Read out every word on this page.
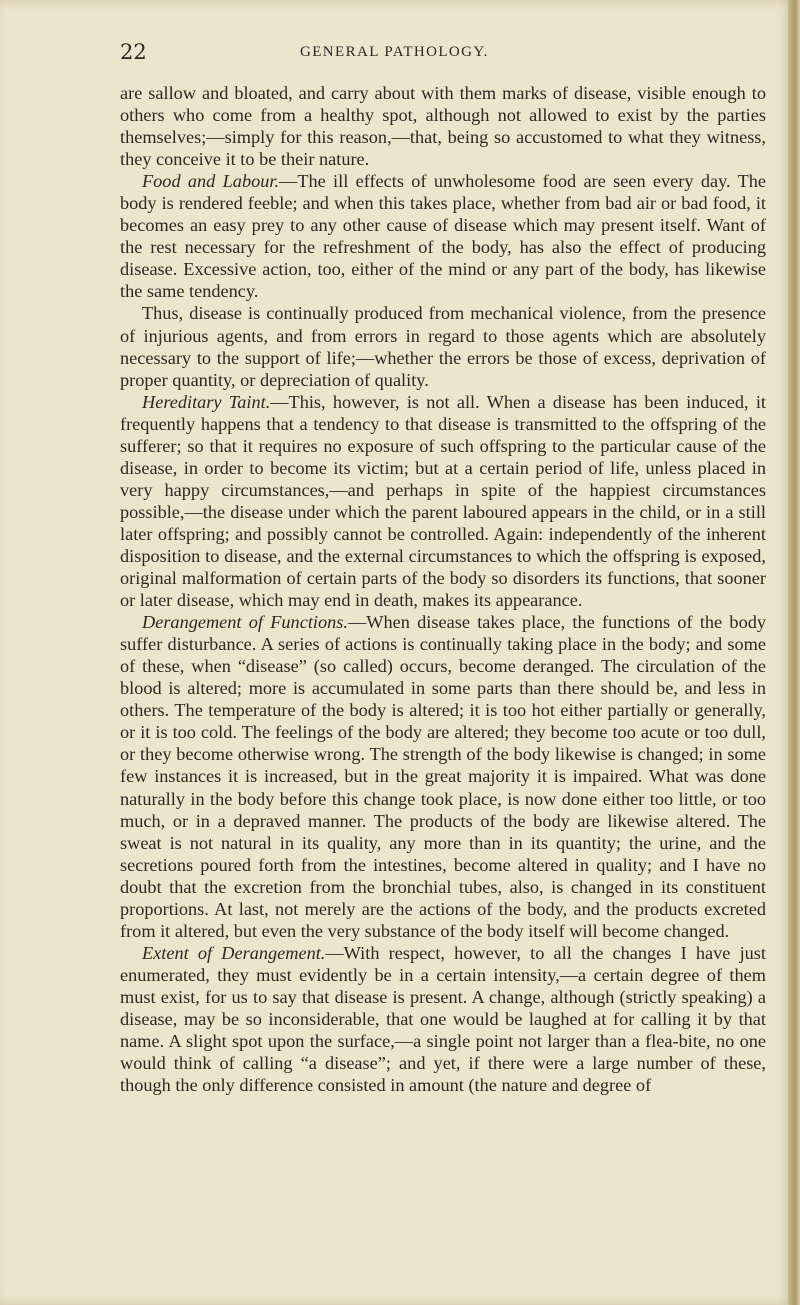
22	GENERAL PATHOLOGY.

are sallow and bloated, and carry about with them marks of disease, visible enough to others who come from a healthy spot, although not allowed to exist by the parties themselves;—simply for this reason,—that, being so accustomed to what they witness, they conceive it to be their nature.

Food and Labour.—The ill effects of unwholesome food are seen every day. The body is rendered feeble; and when this takes place, whether from bad air or bad food, it becomes an easy prey to any other cause of disease which may present itself. Want of the rest necessary for the refreshment of the body, has also the effect of producing disease. Excessive action, too, either of the mind or any part of the body, has likewise the same tendency.

Thus, disease is continually produced from mechanical violence, from the presence of injurious agents, and from errors in regard to those agents which are absolutely necessary to the support of life;—whether the errors be those of excess, deprivation of proper quantity, or depreciation of quality.

Hereditary Taint.—This, however, is not all. When a disease has been induced, it frequently happens that a tendency to that disease is transmitted to the offspring of the sufferer; so that it requires no exposure of such offspring to the particular cause of the disease, in order to become its victim; but at a certain period of life, unless placed in very happy circumstances,—and perhaps in spite of the happiest circumstances possible,—the disease under which the parent laboured appears in the child, or in a still later offspring; and possibly cannot be controlled. Again: independently of the inherent disposition to disease, and the external circumstances to which the offspring is exposed, original malformation of certain parts of the body so disorders its functions, that sooner or later disease, which may end in death, makes its appearance.

Derangement of Functions.—When disease takes place, the functions of the body suffer disturbance. A series of actions is continually taking place in the body; and some of these, when “disease” (so called) occurs, become deranged. The circulation of the blood is altered; more is accumulated in some parts than there should be, and less in others. The temperature of the body is altered; it is too hot either partially or generally, or it is too cold. The feelings of the body are altered; they become too acute or too dull, or they become otherwise wrong. The strength of the body likewise is changed; in some few instances it is increased, but in the great majority it is impaired. What was done naturally in the body before this change took place, is now done either too little, or too much, or in a depraved manner. The products of the body are likewise altered. The sweat is not natural in its quality, any more than in its quantity; the urine, and the secretions poured forth from the intestines, become altered in quality; and I have no doubt that the excretion from the bronchial tubes, also, is changed in its constituent proportions. At last, not merely are the actions of the body, and the products excreted from it altered, but even the very substance of the body itself will become changed.

Extent of Derangement.—With respect, however, to all the changes I have just enumerated, they must evidently be in a certain intensity,—a certain degree of them must exist, for us to say that disease is present. A change, although (strictly speaking) a disease, may be so inconsiderable, that one would be laughed at for calling it by that name. A slight spot upon the surface,—a single point not larger than a flea-bite, no one would think of calling “a disease”; and yet, if there were a large number of these, though the only difference consisted in amount (the nature and degree of
